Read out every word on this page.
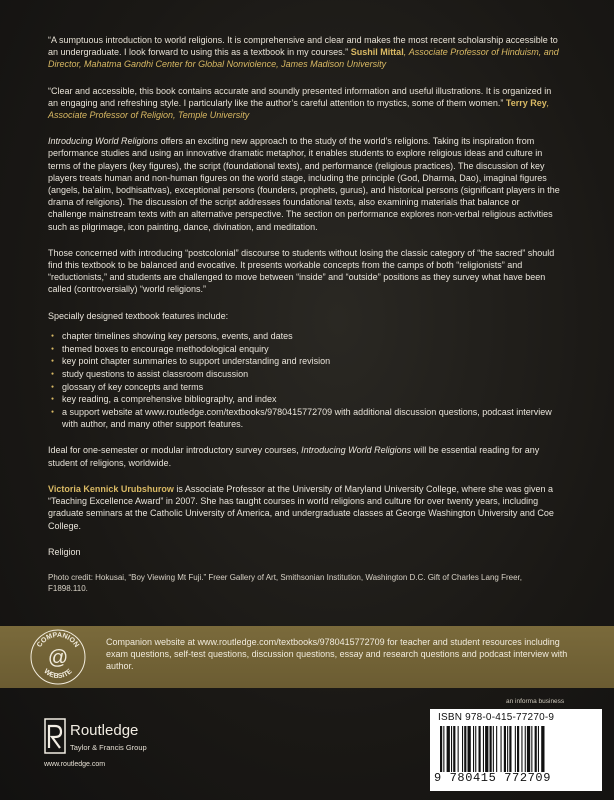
“A sumptuous introduction to world religions. It is comprehensive and clear and makes the most recent scholarship accessible to an undergraduate. I look forward to using this as a textbook in my courses.” Sushil Mittal, Associate Professor of Hinduism, and Director, Mahatma Gandhi Center for Global Nonviolence, James Madison University

“Clear and accessible, this book contains accurate and soundly presented information and useful illustrations. It is organized in an engaging and refreshing style. I particularly like the author’s careful attention to mystics, some of them women.” Terry Rey, Associate Professor of Religion, Temple University

Introducing World Religions offers an exciting new approach to the study of the world’s religions. Taking its inspiration from performance studies and using an innovative dramatic metaphor, it enables students to explore religious ideas and culture in terms of the players (key figures), the script (foundational texts), and performance (religious practices). The discussion of key players treats human and non-human figures on the world stage, including the principle (God, Dharma, Dao), imaginal figures (angels, ba’alim, bodhisattvas), exceptional persons (founders, prophets, gurus), and historical persons (significant players in the drama of religions). The discussion of the script addresses foundational texts, also examining materials that balance or challenge mainstream texts with an alternative perspective. The section on performance explores non-verbal religious activities such as pilgrimage, icon painting, dance, divination, and meditation.

Those concerned with introducing “postcolonial” discourse to students without losing the classic category of “the sacred” should find this textbook to be balanced and evocative. It presents workable concepts from the camps of both “religionists” and “reductionists,” and students are challenged to move between “inside” and “outside” positions as they survey what have been called (controversially) “world religions.”

Specially designed textbook features include:

● chapter timelines showing key persons, events, and dates
● themed boxes to encourage methodological enquiry
● key point chapter summaries to support understanding and revision
● study questions to assist classroom discussion
● glossary of key concepts and terms
● key reading, a comprehensive bibliography, and index
● a support website at www.routledge.com/textbooks/9780415772709 with additional discussion questions, podcast interview with author, and many other support features.

Ideal for one-semester or modular introductory survey courses, Introducing World Religions will be essential reading for any student of religions, worldwide.

Victoria Kennick Urubshurow is Associate Professor at the University of Maryland University College, where she was given a “Teaching Excellence Award” in 2007. She has taught courses in world religions and culture for over twenty years, including graduate seminars at the Catholic University of America, and undergraduate classes at George Washington University and Coe College.

Religion

Photo credit: Hokusai, “Boy Viewing Mt Fuji.” Freer Gallery of Art, Smithsonian Institution, Washington D.C. Gift of Charles Lang Freer, F1898.110.

COMPANION
WEBSITE
@
Companion website at www.routledge.com/textbooks/9780415772709 for teacher and student resources including exam questions, self-test questions, discussion questions, essay and research questions and podcast interview with author.
an informa business
ISBN 978-0-415-77270-9
9 780415 772709
Routledge
Taylor & Francis Group
www.routledge.com
